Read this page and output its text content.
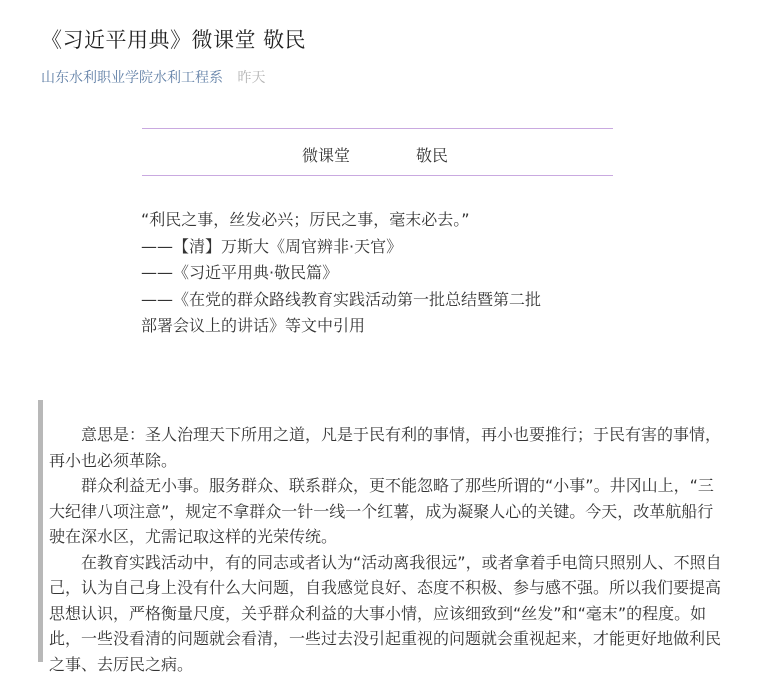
《习近平用典》微课堂 敬民
山东水利职业学院水利工程系 昨天
微课堂	敬民
“利民之事，丝发必兴；厉民之事，毫末必去。”
——【清】万斯大《周官辨非·天官》
——《习近平用典·敬民篇》
——《在党的群众路线教育实践活动第一批总结暨第二批
部署会议上的讲话》等文中引用

意思是：圣人治理天下所用之道，凡是于民有利的事情，再小也要推行；于民有害的事情，再小也必须革除。

群众利益无小事。服务群众、联系群众，更不能忽略了那些所谓的“小事”。井冈山上，“三大纪律八项注意”，规定不拿群众一针一线一个红薯，成为凝聚人心的关键。今天，改革航船行驶在深水区，尤需记取这样的光荣传统。

在教育实践活动中，有的同志或者认为“活动离我很远”，或者拿着手电筒只照别人、不照自己，认为自己身上没有什么大问题，自我感觉良好、态度不积极、参与感不强。所以我们要提高思想认识，严格衡量尺度，关乎群众利益的大事小情，应该细致到“丝发”和“毫末”的程度。如此，一些没看清的问题就会看清，一些过去没引起重视的问题就会重视起来，才能更好地做利民之事、去厉民之病。
